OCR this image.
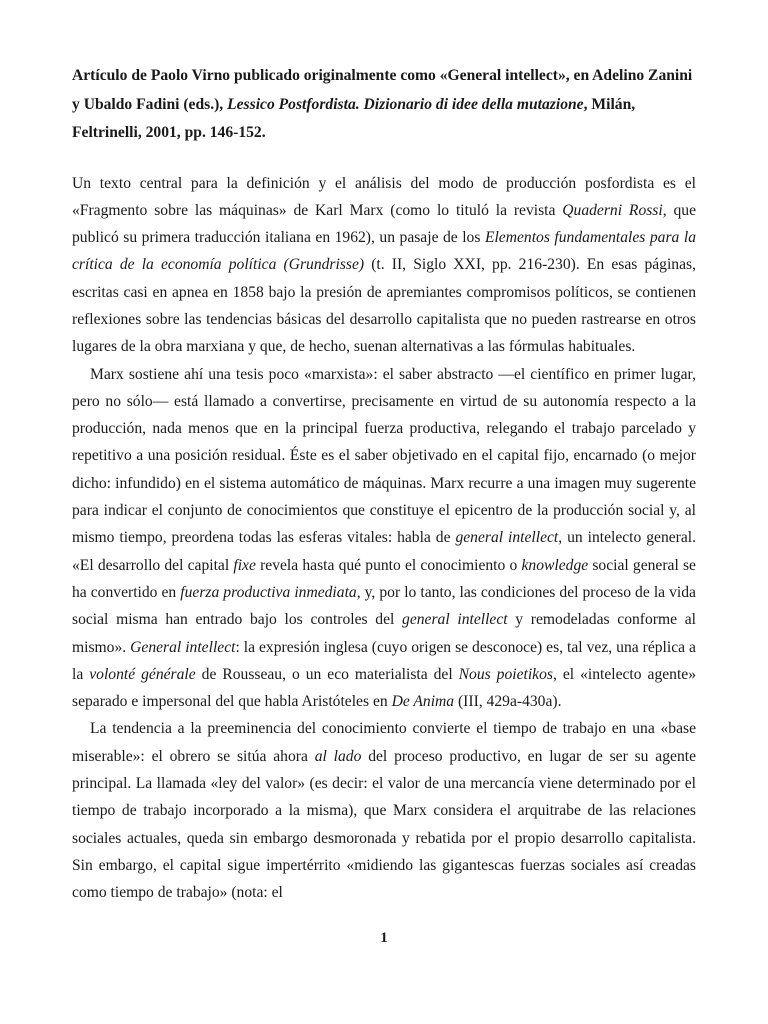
Artículo de Paolo Virno publicado originalmente como «General intellect», en Adelino Zanini y Ubaldo Fadini (eds.), Lessico Postfordista. Dizionario di idee della mutazione, Milán, Feltrinelli, 2001, pp. 146-152.

Un texto central para la definición y el análisis del modo de producción posfordista es el «Fragmento sobre las máquinas» de Karl Marx (como lo tituló la revista Quaderni Rossi, que publicó su primera traducción italiana en 1962), un pasaje de los Elementos fundamentales para la crítica de la economía política (Grundrisse) (t. II, Siglo XXI, pp. 216-230). En esas páginas, escritas casi en apnea en 1858 bajo la presión de apremiantes compromisos políticos, se contienen reflexiones sobre las tendencias básicas del desarrollo capitalista que no pueden rastrearse en otros lugares de la obra marxiana y que, de hecho, suenan alternativas a las fórmulas habituales.

Marx sostiene ahí una tesis poco «marxista»: el saber abstracto —el científico en primer lugar, pero no sólo— está llamado a convertirse, precisamente en virtud de su autonomía respecto a la producción, nada menos que en la principal fuerza productiva, relegando el trabajo parcelado y repetitivo a una posición residual. Éste es el saber objetivado en el capital fijo, encarnado (o mejor dicho: infundido) en el sistema automático de máquinas. Marx recurre a una imagen muy sugerente para indicar el conjunto de conocimientos que constituye el epicentro de la producción social y, al mismo tiempo, preordena todas las esferas vitales: habla de general intellect, un intelecto general. «El desarrollo del capital fixe revela hasta qué punto el conocimiento o knowledge social general se ha convertido en fuerza productiva inmediata, y, por lo tanto, las condiciones del proceso de la vida social misma han entrado bajo los controles del general intellect y remodeladas conforme al mismo». General intellect: la expresión inglesa (cuyo origen se desconoce) es, tal vez, una réplica a la volonté générale de Rousseau, o un eco materialista del Nous poietikos, el «intelecto agente» separado e impersonal del que habla Aristóteles en De Anima (III, 429a-430a).

La tendencia a la preeminencia del conocimiento convierte el tiempo de trabajo en una «base miserable»: el obrero se sitúa ahora al lado del proceso productivo, en lugar de ser su agente principal. La llamada «ley del valor» (es decir: el valor de una mercancía viene determinado por el tiempo de trabajo incorporado a la misma), que Marx considera el arquitrabe de las relaciones sociales actuales, queda sin embargo desmoronada y rebatida por el propio desarrollo capitalista. Sin embargo, el capital sigue impertérrito «midiendo las gigantescas fuerzas sociales así creadas como tiempo de trabajo» (nota: el

1
